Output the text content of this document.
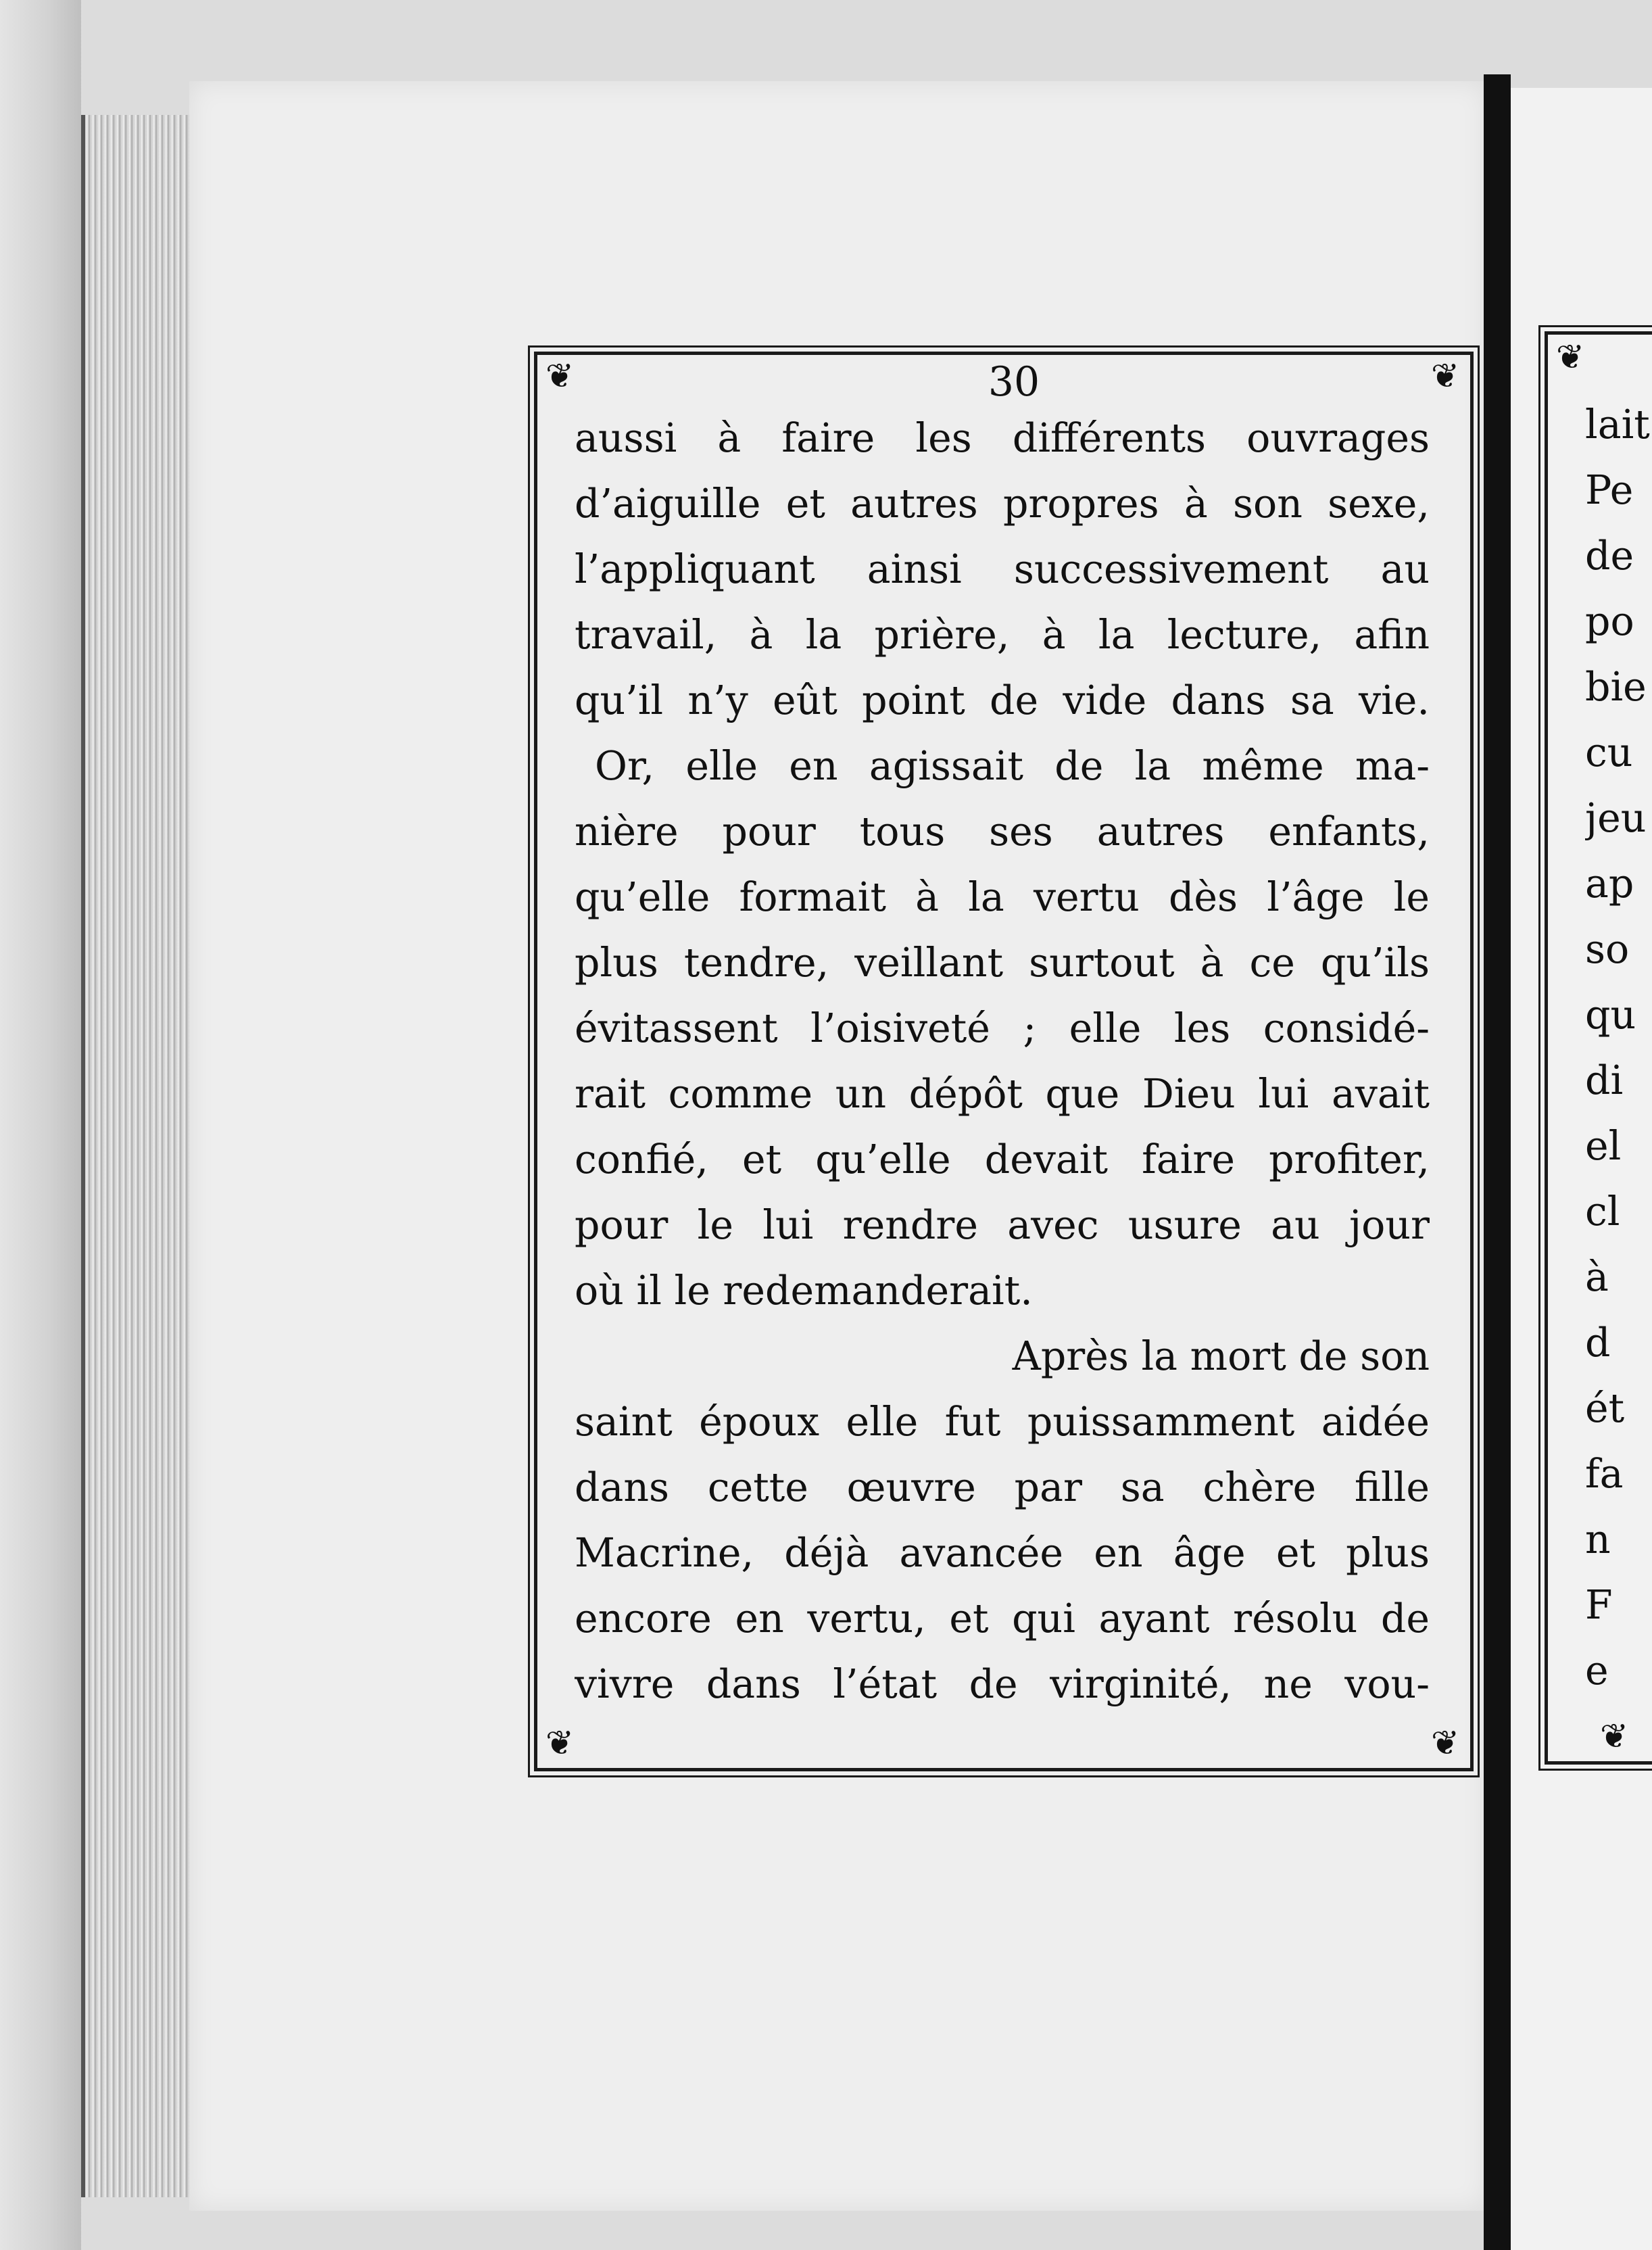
❦	❦
❦	❦
❦
❦
30
aussi à faire les différents ouvrages
d’aiguille et autres propres à son sexe,
l’appliquant ainsi successivement au
travail, à la prière, à la lecture, afin
qu’il n’y eût point de vide dans sa vie.
Or, elle en agissait de la même ma-
nière pour tous ses autres enfants,
qu’elle formait à la vertu dès l’âge le
plus tendre, veillant surtout à ce qu’ils
évitassent l’oisiveté ; elle les considé-
rait comme un dépôt que Dieu lui avait
confié, et qu’elle devait faire profiter,
pour le lui rendre avec usure au jour
où il le redemanderait.
Après la mort de son
saint époux elle fut puissamment aidée
dans cette œuvre par sa chère fille
Macrine, déjà avancée en âge et plus
encore en vertu, et qui ayant résolu de
vivre dans l’état de virginité, ne vou-
lait
Pe
de
po
bie
cu
jeu
ap
so
qu
di
el
cl
à
d
ét
fa
n
F
e
